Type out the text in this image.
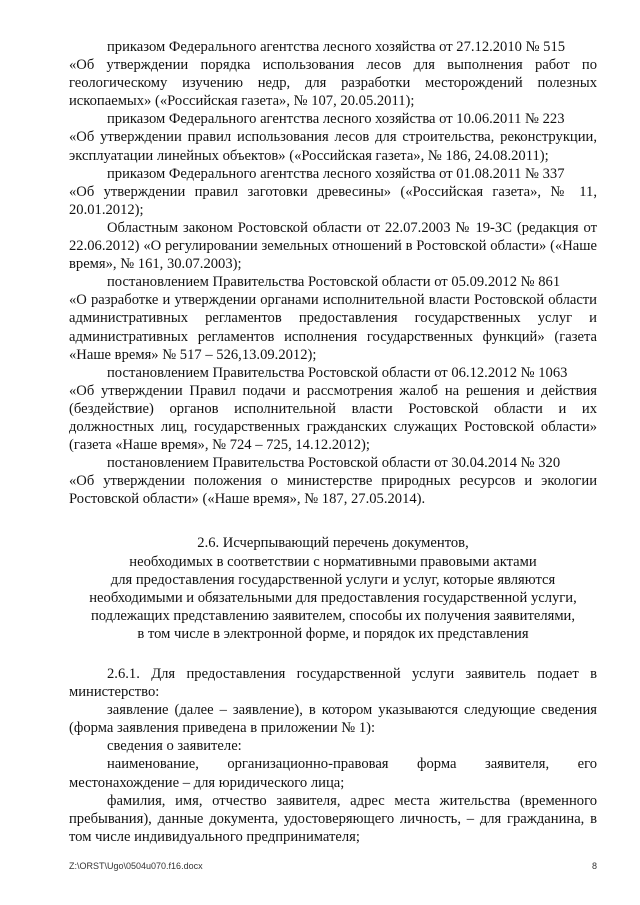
приказом Федерального агентства лесного хозяйства от 27.12.2010 № 515
«Об утверждении порядка использования лесов для выполнения работ по геологическому изучению недр, для разработки месторождений полезных ископаемых» («Российская газета», № 107, 20.05.2011);

приказом Федерального агентства лесного хозяйства от 10.06.2011 № 223
«Об утверждении правил использования лесов для строительства, реконструкции, эксплуатации линейных объектов» («Российская газета», № 186, 24.08.2011);

приказом Федерального агентства лесного хозяйства от 01.08.2011 № 337
«Об утверждении правил заготовки древесины» («Российская газета», № 11, 20.01.2012);

Областным законом Ростовской области от 22.07.2003 № 19-ЗС (редакция от 22.06.2012) «О регулировании земельных отношений в Ростовской области» («Наше время», № 161, 30.07.2003);

постановлением Правительства Ростовской области от 05.09.2012 № 861
«О разработке и утверждении органами исполнительной власти Ростовской области административных регламентов предоставления государственных услуг и административных регламентов исполнения государственных функций» (газета «Наше время» № 517 – 526,13.09.2012);

постановлением Правительства Ростовской области от 06.12.2012 № 1063
«Об утверждении Правил подачи и рассмотрения жалоб на решения и действия (бездействие) органов исполнительной власти Ростовской области и их должностных лиц, государственных гражданских служащих Ростовской области» (газета «Наше время», № 724 – 725, 14.12.2012);

постановлением Правительства Ростовской области от 30.04.2014 № 320
«Об утверждении положения о министерстве природных ресурсов и экологии Ростовской области» («Наше время», № 187, 27.05.2014).

2.6. Исчерпывающий перечень документов,
необходимых в соответствии с нормативными правовыми актами
для предоставления государственной услуги и услуг, которые являются
необходимыми и обязательными для предоставления государственной услуги,
подлежащих представлению заявителем, способы их получения заявителями,
в том числе в электронной форме, и порядок их представления

2.6.1. Для предоставления государственной услуги заявитель подает в министерство:

заявление (далее – заявление), в котором указываются следующие сведения (форма заявления приведена в приложении № 1):

сведения о заявителе:

наименование, организационно-правовая форма заявителя, его местонахождение – для юридического лица;

фамилия, имя, отчество заявителя, адрес места жительства (временного пребывания), данные документа, удостоверяющего личность, – для гражданина, в том числе индивидуального предпринимателя;

Z:\ORST\Ugo\0504u070.f16.docx	8
